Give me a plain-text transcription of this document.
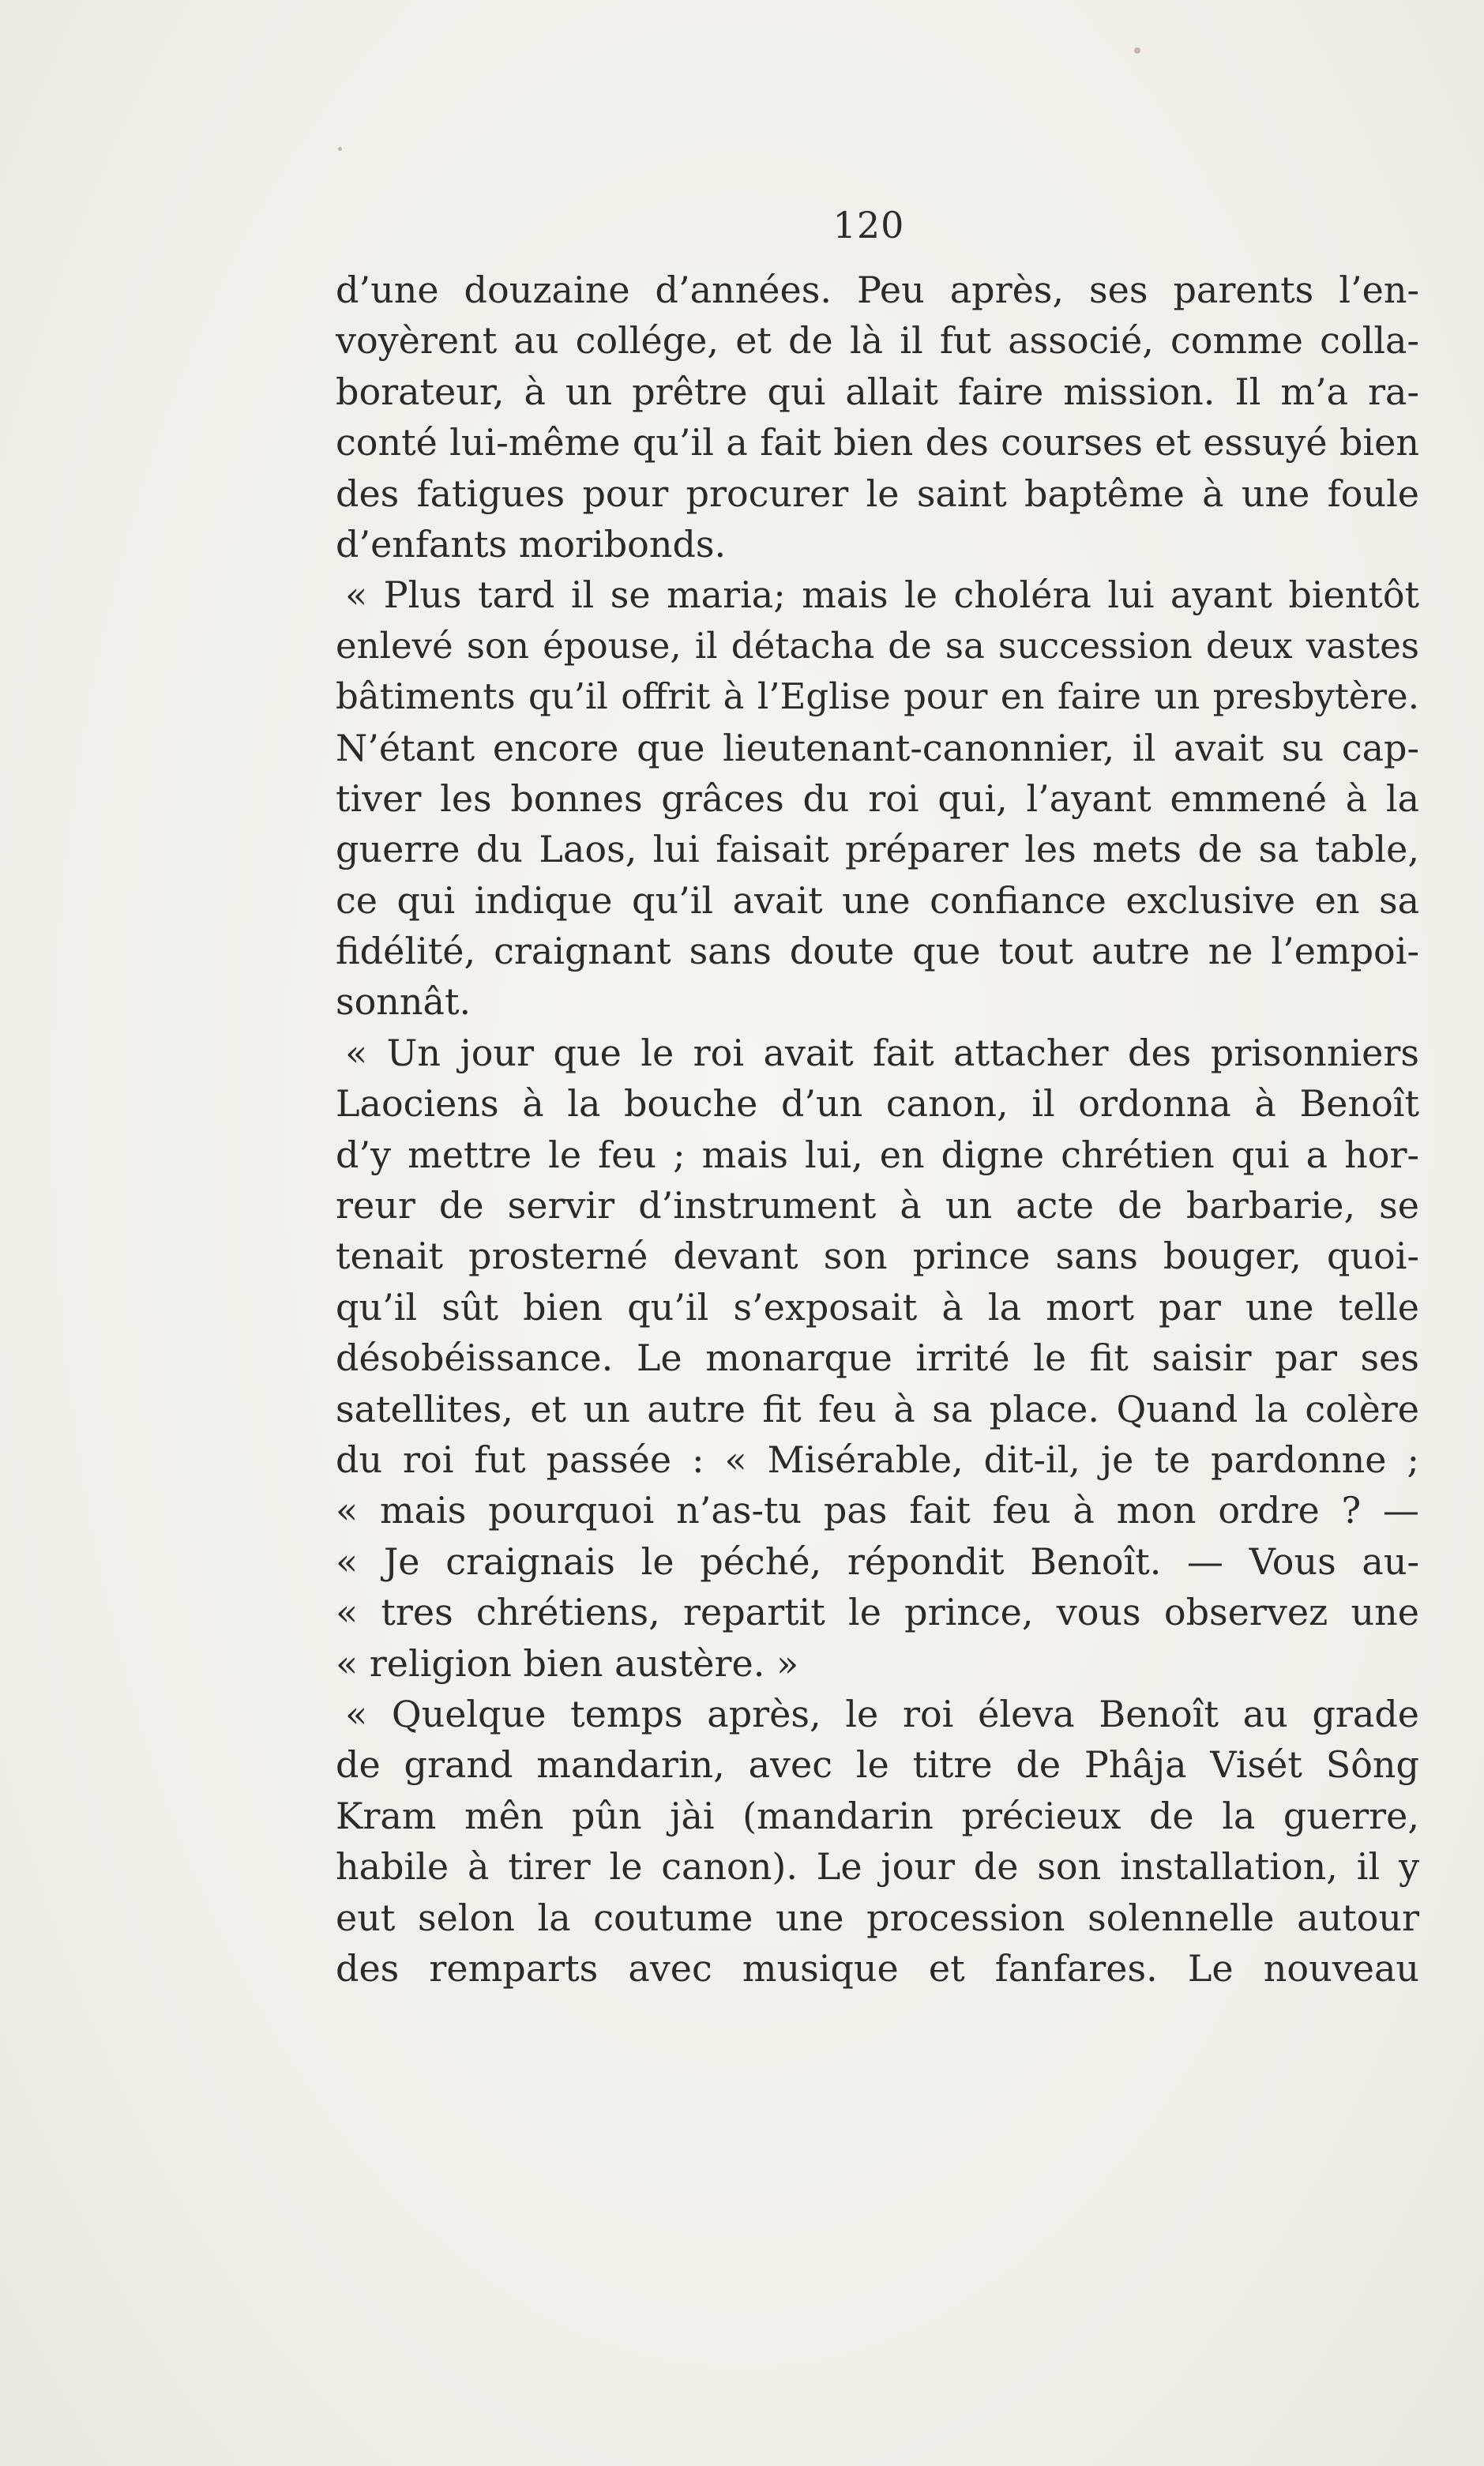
120
d’une douzaine d’années. Peu après, ses parents l’en-
voyèrent au collége, et de là il fut associé, comme colla-
borateur, à un prêtre qui allait faire mission. Il m’a ra-
conté lui-même qu’il a fait bien des courses et essuyé bien
des fatigues pour procurer le saint baptême à une foule
d’enfants moribonds.
« Plus tard il se maria; mais le choléra lui ayant bientôt
enlevé son épouse, il détacha de sa succession deux vastes
bâtiments qu’il offrit à l’Eglise pour en faire un presbytère.
N’étant encore que lieutenant-canonnier, il avait su cap-
tiver les bonnes grâces du roi qui, l’ayant emmené à la
guerre du Laos, lui faisait préparer les mets de sa table,
ce qui indique qu’il avait une confiance exclusive en sa
fidélité, craignant sans doute que tout autre ne l’empoi-
sonnât.
« Un jour que le roi avait fait attacher des prisonniers
Laociens à la bouche d’un canon, il ordonna à Benoît
d’y mettre le feu ; mais lui, en digne chrétien qui a hor-
reur de servir d’instrument à un acte de barbarie, se
tenait prosterné devant son prince sans bouger, quoi-
qu’il sût bien qu’il s’exposait à la mort par une telle
désobéissance. Le monarque irrité le fit saisir par ses
satellites, et un autre fit feu à sa place. Quand la colère
du roi fut passée : « Misérable, dit-il, je te pardonne ;
« mais pourquoi n’as-tu pas fait feu à mon ordre ? —
« Je craignais le péché, répondit Benoît. — Vous au-
« tres chrétiens, repartit le prince, vous observez une
« religion bien austère. »
« Quelque temps après, le roi éleva Benoît au grade
de grand mandarin, avec le titre de Phâja Visét Sông
Kram mên pûn jài (mandarin précieux de la guerre,
habile à tirer le canon). Le jour de son installation, il y
eut selon la coutume une procession solennelle autour
des remparts avec musique et fanfares. Le nouveau
